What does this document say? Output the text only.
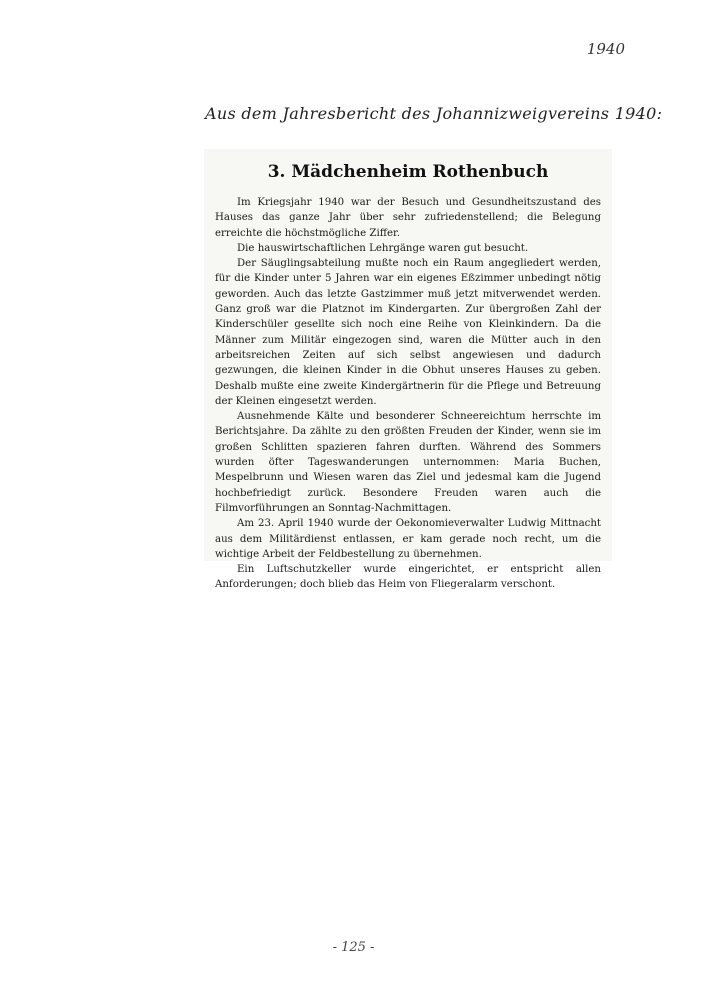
1940
Aus dem Jahresbericht des Johannizweigvereins 1940:
3. Mädchenheim Rothenbuch

Im Kriegsjahr 1940 war der Besuch und Gesundheitszustand des Hauses das ganze Jahr über sehr zufriedenstellend; die Belegung erreichte die höchstmögliche Ziffer.

Die hauswirtschaftlichen Lehrgänge waren gut besucht.

Der Säuglingsabteilung mußte noch ein Raum angegliedert werden, für die Kinder unter 5 Jahren war ein eigenes Eßzimmer unbedingt nötig geworden. Auch das letzte Gastzimmer muß jetzt mitverwendet werden. Ganz groß war die Platznot im Kindergarten. Zur übergroßen Zahl der Kinderschüler gesellte sich noch eine Reihe von Kleinkindern. Da die Männer zum Militär eingezogen sind, waren die Mütter auch in den arbeitsreichen Zeiten auf sich selbst angewiesen und dadurch gezwungen, die kleinen Kinder in die Obhut unseres Hauses zu geben. Deshalb mußte eine zweite Kindergärtnerin für die Pflege und Betreuung der Kleinen eingesetzt werden.

Ausnehmende Kälte und besonderer Schneereichtum herrschte im Berichtsjahre. Da zählte zu den größten Freuden der Kinder, wenn sie im großen Schlitten spazieren fahren durften. Während des Sommers wurden öfter Tageswanderungen unternommen: Maria Buchen, Mespelbrunn und Wiesen waren das Ziel und jedesmal kam die Jugend hochbefriedigt zurück. Besondere Freuden waren auch die Filmvorführungen an Sonntag-Nachmittagen.

Am 23. April 1940 wurde der Oekonomieverwalter Ludwig Mittnacht aus dem Militärdienst entlassen, er kam gerade noch recht, um die wichtige Arbeit der Feldbestellung zu übernehmen.

Ein Luftschutzkeller wurde eingerichtet, er entspricht allen Anforderungen; doch blieb das Heim von Fliegeralarm verschont.

- 125 -
